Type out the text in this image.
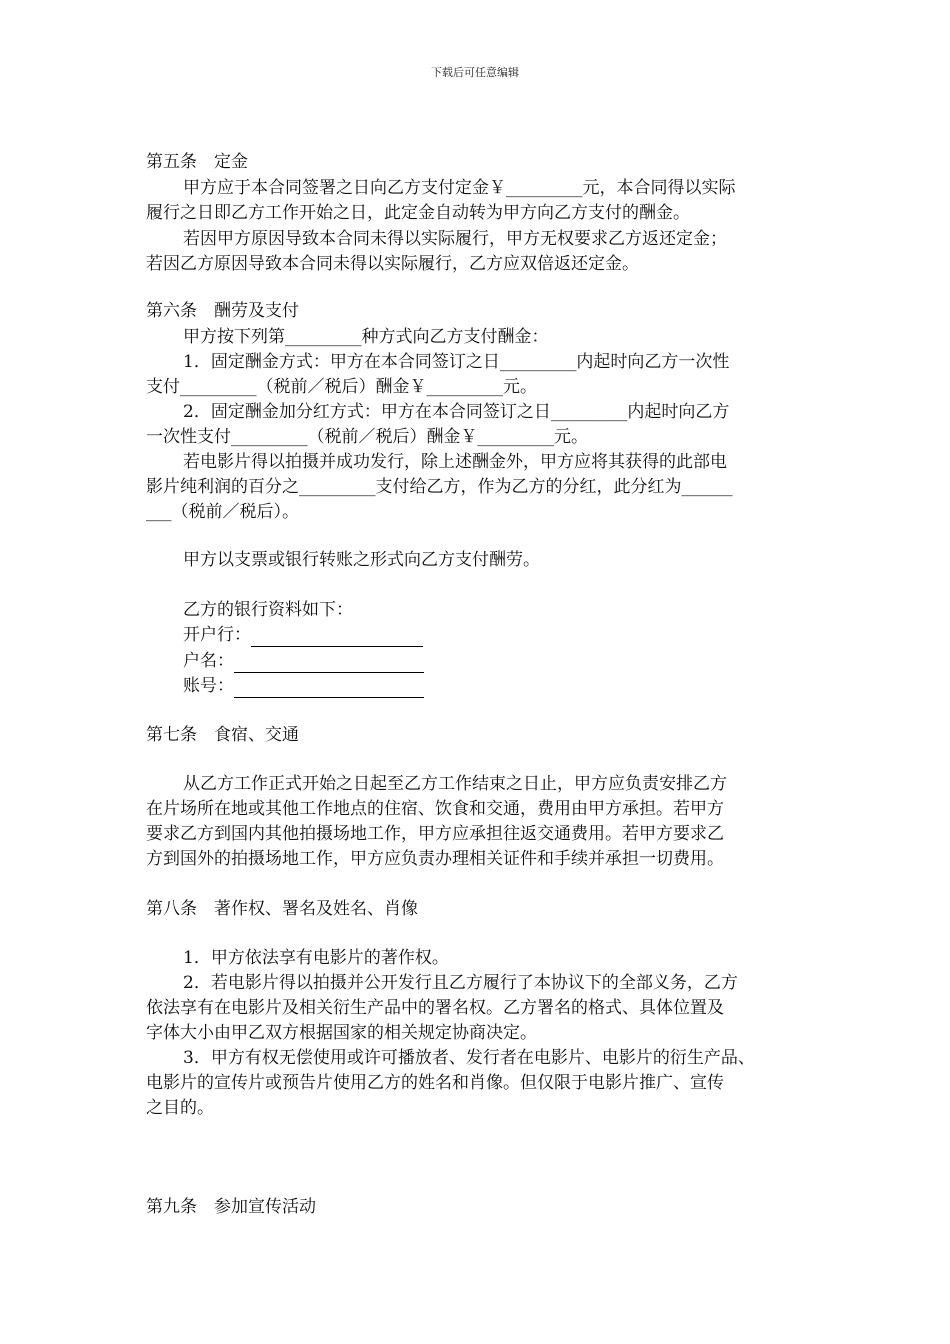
下载后可任意编辑
第五条　定金
甲方应于本合同签署之日向乙方支付定金￥_________元，本合同得以实际
履行之日即乙方工作开始之日，此定金自动转为甲方向乙方支付的酬金。
若因甲方原因导致本合同未得以实际履行，甲方无权要求乙方返还定金；
若因乙方原因导致本合同未得以实际履行，乙方应双倍返还定金。
第六条　酬劳及支付
甲方按下列第_________种方式向乙方支付酬金：
1．固定酬金方式：甲方在本合同签订之日_________内起时向乙方一次性
支付_________（税前／税后）酬金￥_________元。
2．固定酬金加分红方式：甲方在本合同签订之日_________内起时向乙方
一次性支付_________（税前／税后）酬金￥_________元。
若电影片得以拍摄并成功发行，除上述酬金外，甲方应将其获得的此部电
影片纯利润的百分之_________支付给乙方，作为乙方的分红，此分红为______
___（税前／税后）。
甲方以支票或银行转账之形式向乙方支付酬劳。
乙方的银行资料如下：
开户行：
户名：
账号：
第七条　食宿、交通
从乙方工作正式开始之日起至乙方工作结束之日止，甲方应负责安排乙方
在片场所在地或其他工作地点的住宿、饮食和交通，费用由甲方承担。若甲方
要求乙方到国内其他拍摄场地工作，甲方应承担往返交通费用。若甲方要求乙
方到国外的拍摄场地工作，甲方应负责办理相关证件和手续并承担一切费用。
第八条　著作权、署名及姓名、肖像
1．甲方依法享有电影片的著作权。
2．若电影片得以拍摄并公开发行且乙方履行了本协议下的全部义务，乙方
依法享有在电影片及相关衍生产品中的署名权。乙方署名的格式、具体位置及
字体大小由甲乙双方根据国家的相关规定协商决定。
3．甲方有权无偿使用或许可播放者、发行者在电影片、电影片的衍生产品、
电影片的宣传片或预告片使用乙方的姓名和肖像。但仅限于电影片推广、宣传
之目的。
第九条　参加宣传活动
